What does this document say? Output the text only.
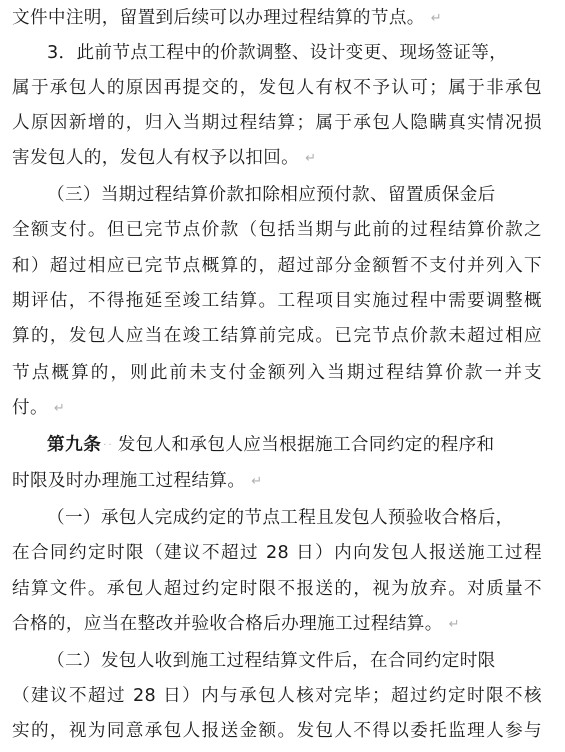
文件中注明，留置到后续可以办理过程结算的节点。 ↵
3．此前节点工程中的价款调整、设计变更、现场签证等，
属于承包人的原因再提交的，发包人有权不予认可；属于非承包
人原因新增的，归入当期过程结算；属于承包人隐瞒真实情况损
害发包人的，发包人有权予以扣回。 ↵
（三）当期过程结算价款扣除相应预付款、留置质保金后
全额支付。但已完节点价款（包括当期与此前的过程结算价款之
和）超过相应已完节点概算的，超过部分金额暂不支付并列入下
期评估，不得拖延至竣工结算。工程项目实施过程中需要调整概
算的，发包人应当在竣工结算前完成。已完节点价款未超过相应
节点概算的，则此前未支付金额列入当期过程结算价款一并支
付。 ↵
第九条 ·· 发包人和承包人应当根据施工合同约定的程序和
时限及时办理施工过程结算。 ↵
（一）承包人完成约定的节点工程且发包人预验收合格后，
在合同约定时限（建议不超过 28 日）内向发包人报送施工过程
结算文件。承包人超过约定时限不报送的，视为放弃。对质量不
合格的，应当在整改并验收合格后办理施工过程结算。 ↵
（二）发包人收到施工过程结算文件后，在合同约定时限
（建议不超过 28 日）内与承包人核对完毕；超过约定时限不核
实的，视为同意承包人报送金额。发包人不得以委托监理人参与
